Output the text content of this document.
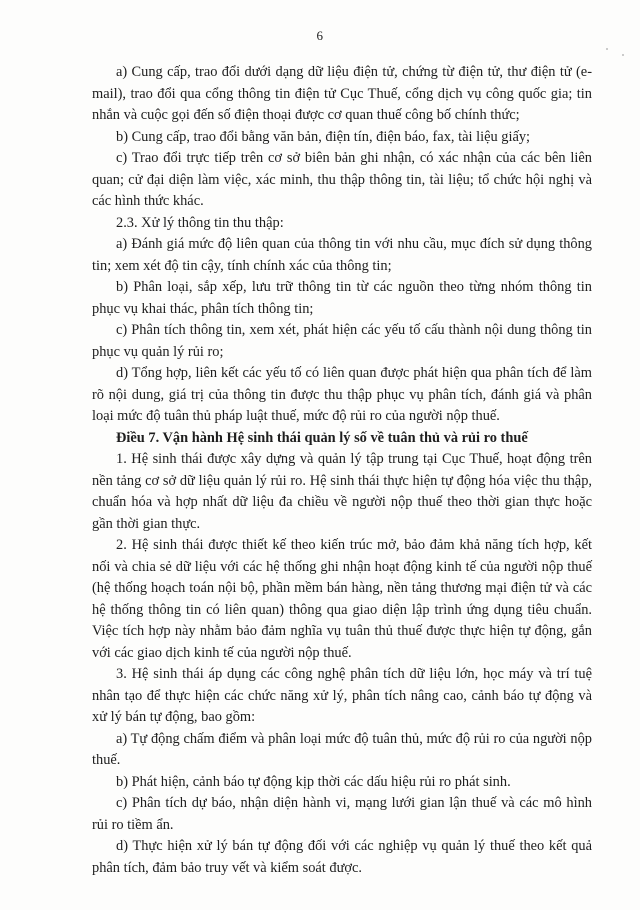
6

a) Cung cấp, trao đổi dưới dạng dữ liệu điện tử, chứng từ điện tử, thư điện tử (e-mail), trao đổi qua cổng thông tin điện tử Cục Thuế, cổng dịch vụ công quốc gia; tin nhắn và cuộc gọi đến số điện thoại được cơ quan thuế công bố chính thức;

b) Cung cấp, trao đổi bằng văn bản, điện tín, điện báo, fax, tài liệu giấy;

c) Trao đổi trực tiếp trên cơ sở biên bản ghi nhận, có xác nhận của các bên liên quan; cử đại diện làm việc, xác minh, thu thập thông tin, tài liệu; tổ chức hội nghị và các hình thức khác.

2.3. Xử lý thông tin thu thập:

a) Đánh giá mức độ liên quan của thông tin với nhu cầu, mục đích sử dụng thông tin; xem xét độ tin cậy, tính chính xác của thông tin;

b) Phân loại, sắp xếp, lưu trữ thông tin từ các nguồn theo từng nhóm thông tin phục vụ khai thác, phân tích thông tin;

c) Phân tích thông tin, xem xét, phát hiện các yếu tố cấu thành nội dung thông tin phục vụ quản lý rủi ro;

d) Tổng hợp, liên kết các yếu tố có liên quan được phát hiện qua phân tích để làm rõ nội dung, giá trị của thông tin được thu thập phục vụ phân tích, đánh giá và phân loại mức độ tuân thủ pháp luật thuế, mức độ rủi ro của người nộp thuế.

Điều 7. Vận hành Hệ sinh thái quản lý số về tuân thủ và rủi ro thuế

1. Hệ sinh thái được xây dựng và quản lý tập trung tại Cục Thuế, hoạt động trên nền tảng cơ sở dữ liệu quản lý rủi ro. Hệ sinh thái thực hiện tự động hóa việc thu thập, chuẩn hóa và hợp nhất dữ liệu đa chiều về người nộp thuế theo thời gian thực hoặc gần thời gian thực.

2. Hệ sinh thái được thiết kế theo kiến trúc mở, bảo đảm khả năng tích hợp, kết nối và chia sẻ dữ liệu với các hệ thống ghi nhận hoạt động kinh tế của người nộp thuế (hệ thống hoạch toán nội bộ, phần mềm bán hàng, nền tảng thương mại điện tử và các hệ thống thông tin có liên quan) thông qua giao diện lập trình ứng dụng tiêu chuẩn. Việc tích hợp này nhằm bảo đảm nghĩa vụ tuân thủ thuế được thực hiện tự động, gắn với các giao dịch kinh tế của người nộp thuế.

3. Hệ sinh thái áp dụng các công nghệ phân tích dữ liệu lớn, học máy và trí tuệ nhân tạo để thực hiện các chức năng xử lý, phân tích nâng cao, cảnh báo tự động và xử lý bán tự động, bao gồm:

a) Tự động chấm điểm và phân loại mức độ tuân thủ, mức độ rủi ro của người nộp thuế.

b) Phát hiện, cảnh báo tự động kịp thời các dấu hiệu rủi ro phát sinh.

c) Phân tích dự báo, nhận diện hành vi, mạng lưới gian lận thuế và các mô hình rủi ro tiềm ẩn.

d) Thực hiện xử lý bán tự động đối với các nghiệp vụ quản lý thuế theo kết quả phân tích, đảm bảo truy vết và kiểm soát được.
